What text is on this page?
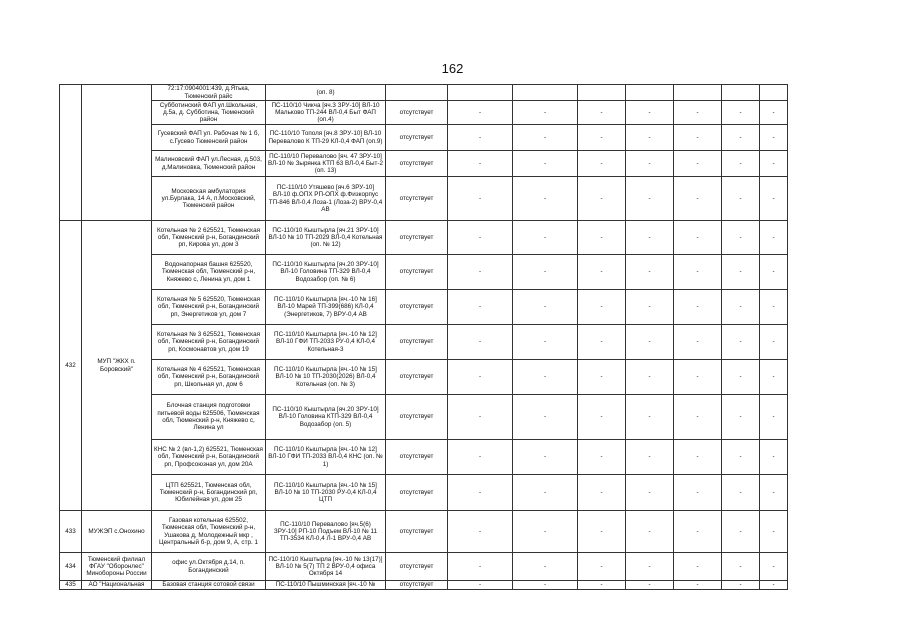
162
		72:17:0904001:439, д.Ятька, Тюменский райс	(оп. 8)								
		Субботинский ФАП ул.Школьная, д.5а, д. Субботина, Тюменский район	ПС-110/10 Чикча [яч.3 ЗРУ-10] ВЛ-10 Мальково ТП-244 ВЛ-0,4 Быт ФАП (оп.4)	отсутствует	-	-	-	-	-	-	-
		Гусевский ФАП ул. Рабочая № 1 б, с.Гусево Тюменский район	ПС-110/10 Тополя [яч.8 ЗРУ-10] ВЛ-10 Перевалово К ТП-29 КЛ-0,4 ФАП (оп.9)	отсутствует	-	-	-	-	-	-	-
		Малиновский ФАП ул.Лесная, д.503, д.Малиновка, Тюменский район	ПС-110/10 Перевалово [яч. 47 ЗРУ-10] ВЛ-10 № Зырянка КТП 63 ВЛ-0,4 Быт-2 (оп. 13)	отсутствует	-	-	-	-	-	-	-
		Московская амбулатория ул.Бурлака, 14 А, п.Московский, Тюменский район	ПС-110/10 Утяшево [яч.6 ЗРУ-10] ВЛ-10 ф.ОПХ РП-ОПХ ф.Физкорпус ТП-846 ВЛ-0,4 Лоза-1 (Лоза-2) ВРУ-0,4 АВ	отсутствует	-	-	-	-	-	-	-
432	МУП "ЖКХ п. Боровский"	Котельная № 2 625521, Тюменская обл, Тюменский р-н, Богандинский рп, Кирова ул, дом 3	ПС-110/10 Кыштырла [яч.21 ЗРУ-10] ВЛ-10 № 10 ТП-2029 ВЛ-0,4 Котельная (оп. № 12)	отсутствует	-	-	-	-	-	-	-
		Водонапорная башня 625520, Тюменская обл, Тюменский р-н, Княжево с, Ленина ул, дом 1	ПС-110/10 Кыштырла [яч.20 ЗРУ-10] ВЛ-10 Головина ТП-329 ВЛ-0,4 Водозабор (оп. № 6)	отсутствует	-	-	-	-	-	-	-
		Котельная № 5 625520, Тюменская обл, Тюменский р-н, Богандинский рп, Энергетиков ул, дом 7	ПС-110/10 Кыштырла [яч.-10 № 16] ВЛ-10 Марей ТП-399(686) КЛ-0,4 (Энергетиков, 7) ВРУ-0,4 АВ	отсутствует	-	-	-	-	-	-	-
		Котельная № 3 625521, Тюменская обл, Тюменский р-н, Богандинский рп, Космонавтов ул, дом 19	ПС-110/10 Кыштырла [яч.-10 № 12] ВЛ-10 ГФИ ТП-2033 РУ-0,4 КЛ-0,4 Котельная-3	отсутствует	-	-	-	-	-	-	-
		Котельная № 4 625521, Тюменская обл, Тюменский р-н, Богандинский рп, Школьная ул, дом 6	ПС-110/10 Кыштырла [яч.-10 № 15] ВЛ-10 № 10 ТП-2030(2026) ВЛ-0,4 Котельная (оп. № 3)	отсутствует	-	-	-	-	-	-	-
		Блочная станция подготовки питьевой воды 625506, Тюменская обл, Тюменский р-н, Княжево с, Ленина ул	ПС-110/10 Кыштырла [яч.20 ЗРУ-10] ВЛ-10 Головина КТП-329 ВЛ-0,4 Водозабор (оп. 5)	отсутствует	-	-	-	-	-	-	-
		КНС № 2 (вл-1,2) 625521, Тюменская обл, Тюменский р-н, Богандинский рп, Профсоюзная ул, дом 20А	ПС-110/10 Кыштырла [яч.-10 № 12] ВЛ-10 ГФИ ТП-2033 ВЛ-0,4 КНС (оп. № 1)	отсутствует	-	-	-	-	-	-	-
		ЦТП 625521, Тюменская обл, Тюменский р-н, Богандинский рп, Юбилейная ул, дом 25	ПС-110/10 Кыштырла [яч.-10 № 15] ВЛ-10 № 10 ТП-2030 РУ-0,4 КЛ-0,4 ЦТП	отсутствует	-	-	-	-	-	-	-
433	МУЖЭП с.Онохино	Газовая котельная 625502, Тюменская обл, Тюменский р-н, Ушакова д, Молодежный мкр , Центральный б-р, дом 9, А, стр. 1	ПС-110/10 Перевалово [яч.5(6) ЗРУ-10] РП-10 Подъем ВЛ-10 № 11 ТП-3534 КЛ-0,4 Л-1 ВРУ-0,4 АВ	отсутствует	-	-	-	-	-	-	-
434	Тюменский филиал ФГАУ "Оборонлес" Минобороны России	офис ул.Октября д.14, п. Богандинский	ПС-110/10 Кыштырла [яч.-10 № 13(17)] ВЛ-10 № 5(7) ТП 2 ВРУ-0,4 офиса Октября 14	отсутствует	-	-	-	-	-	-	-
435	АО "Национальная	Базовая станция сотовой связи	ПС-110/10 Пышминская [яч.-10 №	отсутствует	-	-	-	-	-	-	-
